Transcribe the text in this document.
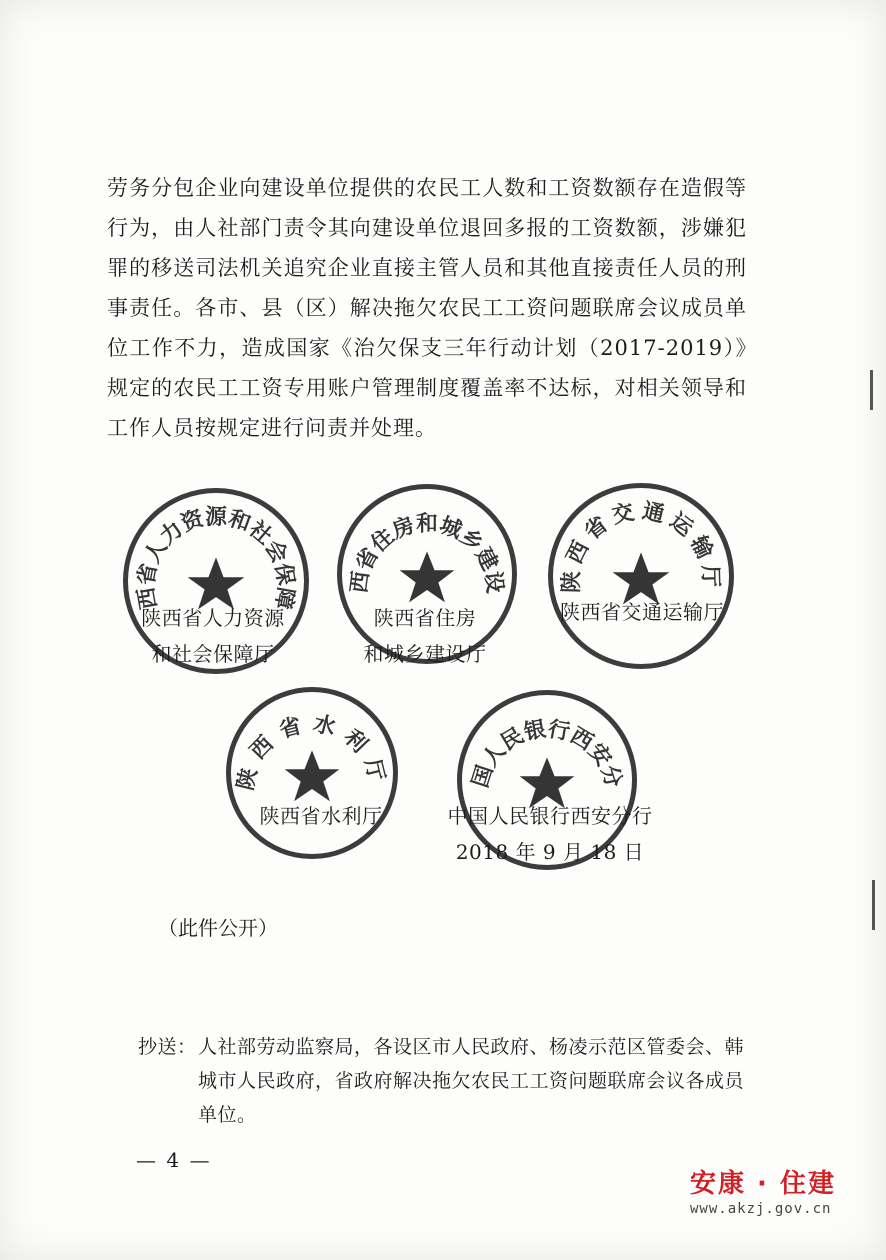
劳务分包企业向建设单位提供的农民工人数和工资数额存在造假等行为，由人社部门责令其向建设单位退回多报的工资数额，涉嫌犯罪的移送司法机关追究企业直接主管人员和其他直接责任人员的刑事责任。各市、县（区）解决拖欠农民工工资问题联席会议成员单位工作不力，造成国家《治欠保支三年行动计划（2017-2019）》规定的农民工工资专用账户管理制度覆盖率不达标，对相关领导和工作人员按规定进行问责并处理。

陕西省人力资源和社会保障厅
陕西省人力资源
和社会保障厅
陕西省住房和城乡建设厅
陕西省住房
和城乡建设厅
陕西省交通运输厅
陕西省交通运输厅
陕西省水利厅
陕西省水利厅
中国人民银行西安分行
中国人民银行西安分行
2018 年 9 月 18 日
（此件公开）
抄送： 人社部劳动监察局，各设区市人民政府、杨凌示范区管委会、韩城市人民政府，省政府解决拖欠农民工工资问题联席会议各成员单位。
— 4 —
安康 · 住建
www.akzj.gov.cn
